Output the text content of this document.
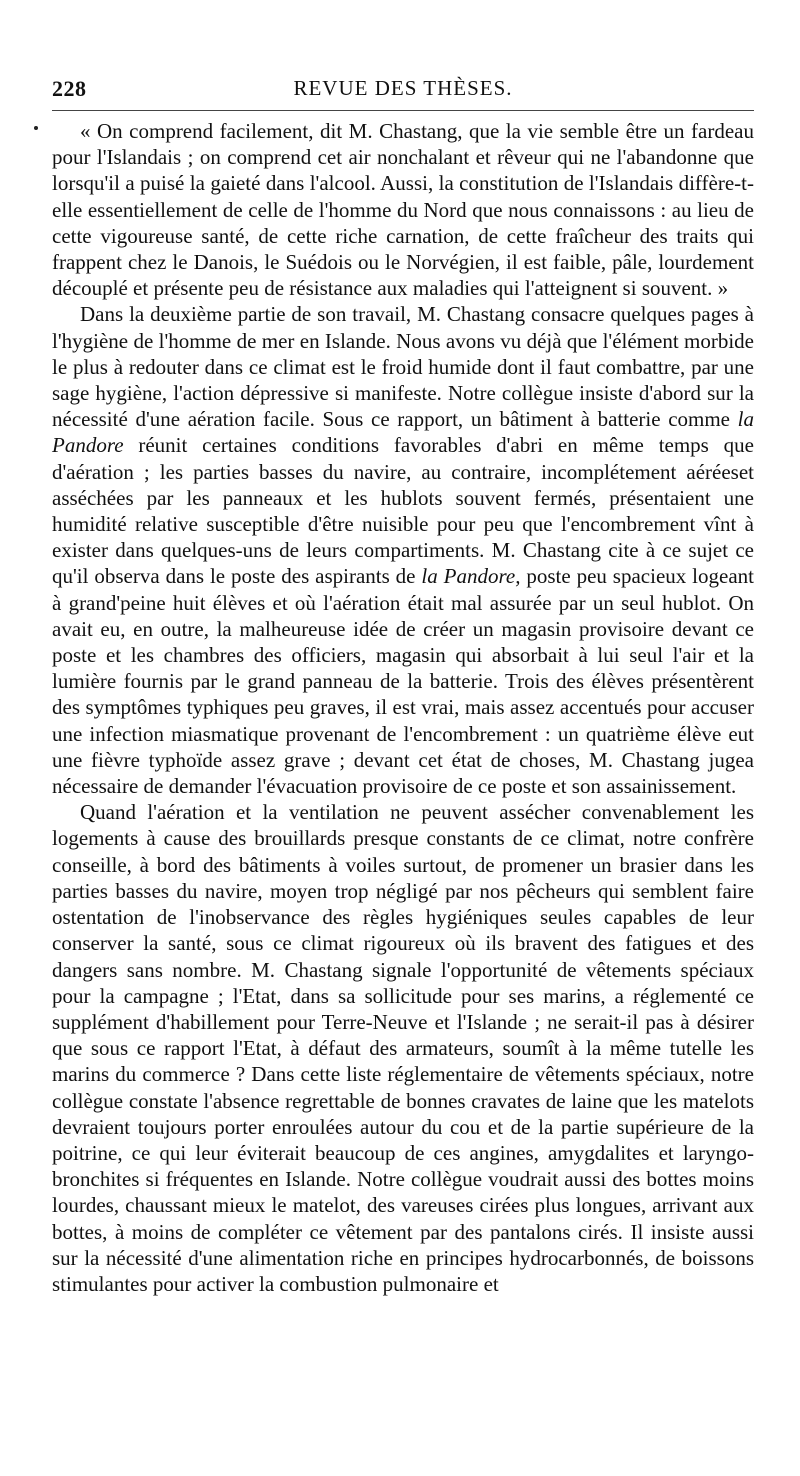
228	REVUE DES THÈSES.

« On comprend facilement, dit M. Chastang, que la vie semble être un fardeau pour l'Islandais ; on comprend cet air nonchalant et rêveur qui ne l'abandonne que lorsqu'il a puisé la gaieté dans l'alcool. Aussi, la constitution de l'Islandais diffère-t-elle essentiellement de celle de l'homme du Nord que nous connaissons : au lieu de cette vigoureuse santé, de cette riche carnation, de cette fraîcheur des traits qui frappent chez le Danois, le Suédois ou le Norvégien, il est faible, pâle, lourdement découplé et présente peu de résistance aux maladies qui l'atteignent si souvent. »

Dans la deuxième partie de son travail, M. Chastang consacre quelques pages à l'hygiène de l'homme de mer en Islande. Nous avons vu déjà que l'élément morbide le plus à redouter dans ce climat est le froid humide dont il faut combattre, par une sage hygiène, l'action dépressive si manifeste. Notre collègue insiste d'abord sur la nécessité d'une aération facile. Sous ce rapport, un bâtiment à batterie comme la Pandore réunit certaines conditions favorables d'abri en même temps que d'aération ; les parties basses du navire, au contraire, incomplétement aéréeset asséchées par les panneaux et les hublots souvent fermés, présentaient une humidité relative susceptible d'être nuisible pour peu que l'encombrement vînt à exister dans quelques-uns de leurs compartiments. M. Chastang cite à ce sujet ce qu'il observa dans le poste des aspirants de la Pandore, poste peu spacieux logeant à grand'peine huit élèves et où l'aération était mal assurée par un seul hublot. On avait eu, en outre, la malheureuse idée de créer un magasin provisoire devant ce poste et les chambres des officiers, magasin qui absorbait à lui seul l'air et la lumière fournis par le grand panneau de la batterie. Trois des élèves présentèrent des symptômes typhiques peu graves, il est vrai, mais assez accentués pour accuser une infection miasmatique provenant de l'encombrement : un quatrième élève eut une fièvre typhoïde assez grave ; devant cet état de choses, M. Chastang jugea nécessaire de demander l'évacuation provisoire de ce poste et son assainissement.

Quand l'aération et la ventilation ne peuvent assécher convenablement les logements à cause des brouillards presque constants de ce climat, notre confrère conseille, à bord des bâtiments à voiles surtout, de promener un brasier dans les parties basses du navire, moyen trop négligé par nos pêcheurs qui semblent faire ostentation de l'inobservance des règles hygiéniques seules capables de leur conserver la santé, sous ce climat rigoureux où ils bravent des fatigues et des dangers sans nombre. M. Chastang signale l'opportunité de vêtements spéciaux pour la campagne ; l'Etat, dans sa sollicitude pour ses marins, a réglementé ce supplément d'habillement pour Terre-Neuve et l'Islande ; ne serait-il pas à désirer que sous ce rapport l'Etat, à défaut des armateurs, soumît à la même tutelle les marins du commerce ? Dans cette liste réglementaire de vêtements spéciaux, notre collègue constate l'absence regrettable de bonnes cravates de laine que les matelots devraient toujours porter enroulées autour du cou et de la partie supérieure de la poitrine, ce qui leur éviterait beaucoup de ces angines, amygdalites et laryngo-bronchites si fréquentes en Islande. Notre collègue voudrait aussi des bottes moins lourdes, chaussant mieux le matelot, des vareuses cirées plus longues, arrivant aux bottes, à moins de compléter ce vêtement par des pantalons cirés. Il insiste aussi sur la nécessité d'une alimentation riche en principes hydrocarbonnés, de boissons stimulantes pour activer la combustion pulmonaire et
